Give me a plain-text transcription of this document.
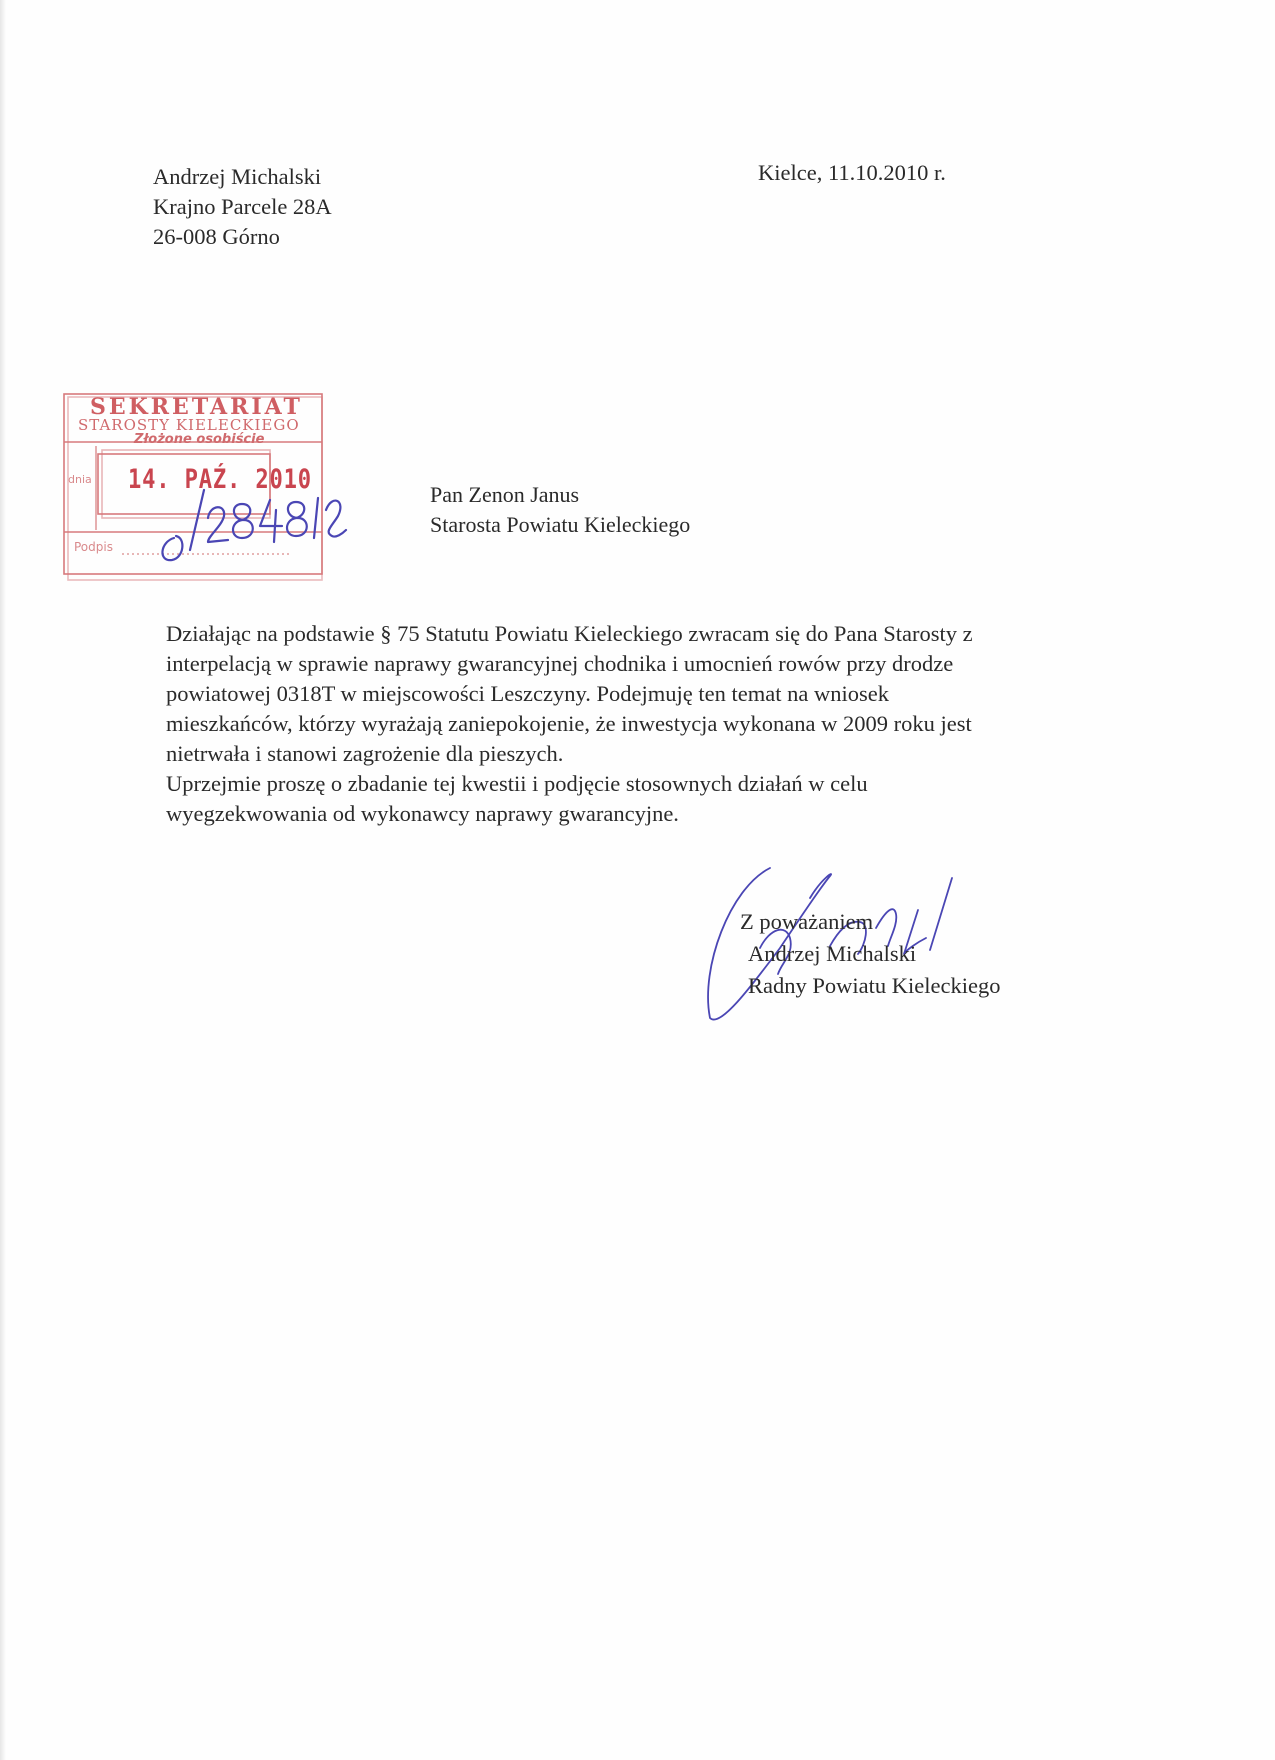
Andrzej Michalski
Krajno Parcele 28A
26-008 Górno
Kielce, 11.10.2010 r.
SEKRETARIAT
STAROSTY KIELECKIEGO
Złożone osobiście
dnia 14. PAŹ. 2010
Podpis
Pan Zenon Janus
Starosta Powiatu Kieleckiego
Działając na podstawie § 75 Statutu Powiatu Kieleckiego zwracam się do Pana Starosty z
interpelacją w sprawie naprawy gwarancyjnej chodnika i umocnień rowów przy drodze
powiatowej 0318T w miejscowości Leszczyny. Podejmuję ten temat na wniosek
mieszkańców, którzy wyrażają zaniepokojenie, że inwestycja wykonana w 2009 roku jest
nietrwała i stanowi zagrożenie dla pieszych.
Uprzejmie proszę o zbadanie tej kwestii i podjęcie stosownych działań w celu
wyegzekwowania od wykonawcy naprawy gwarancyjne.
Z poważaniem
Andrzej Michalski
Radny Powiatu Kieleckiego
